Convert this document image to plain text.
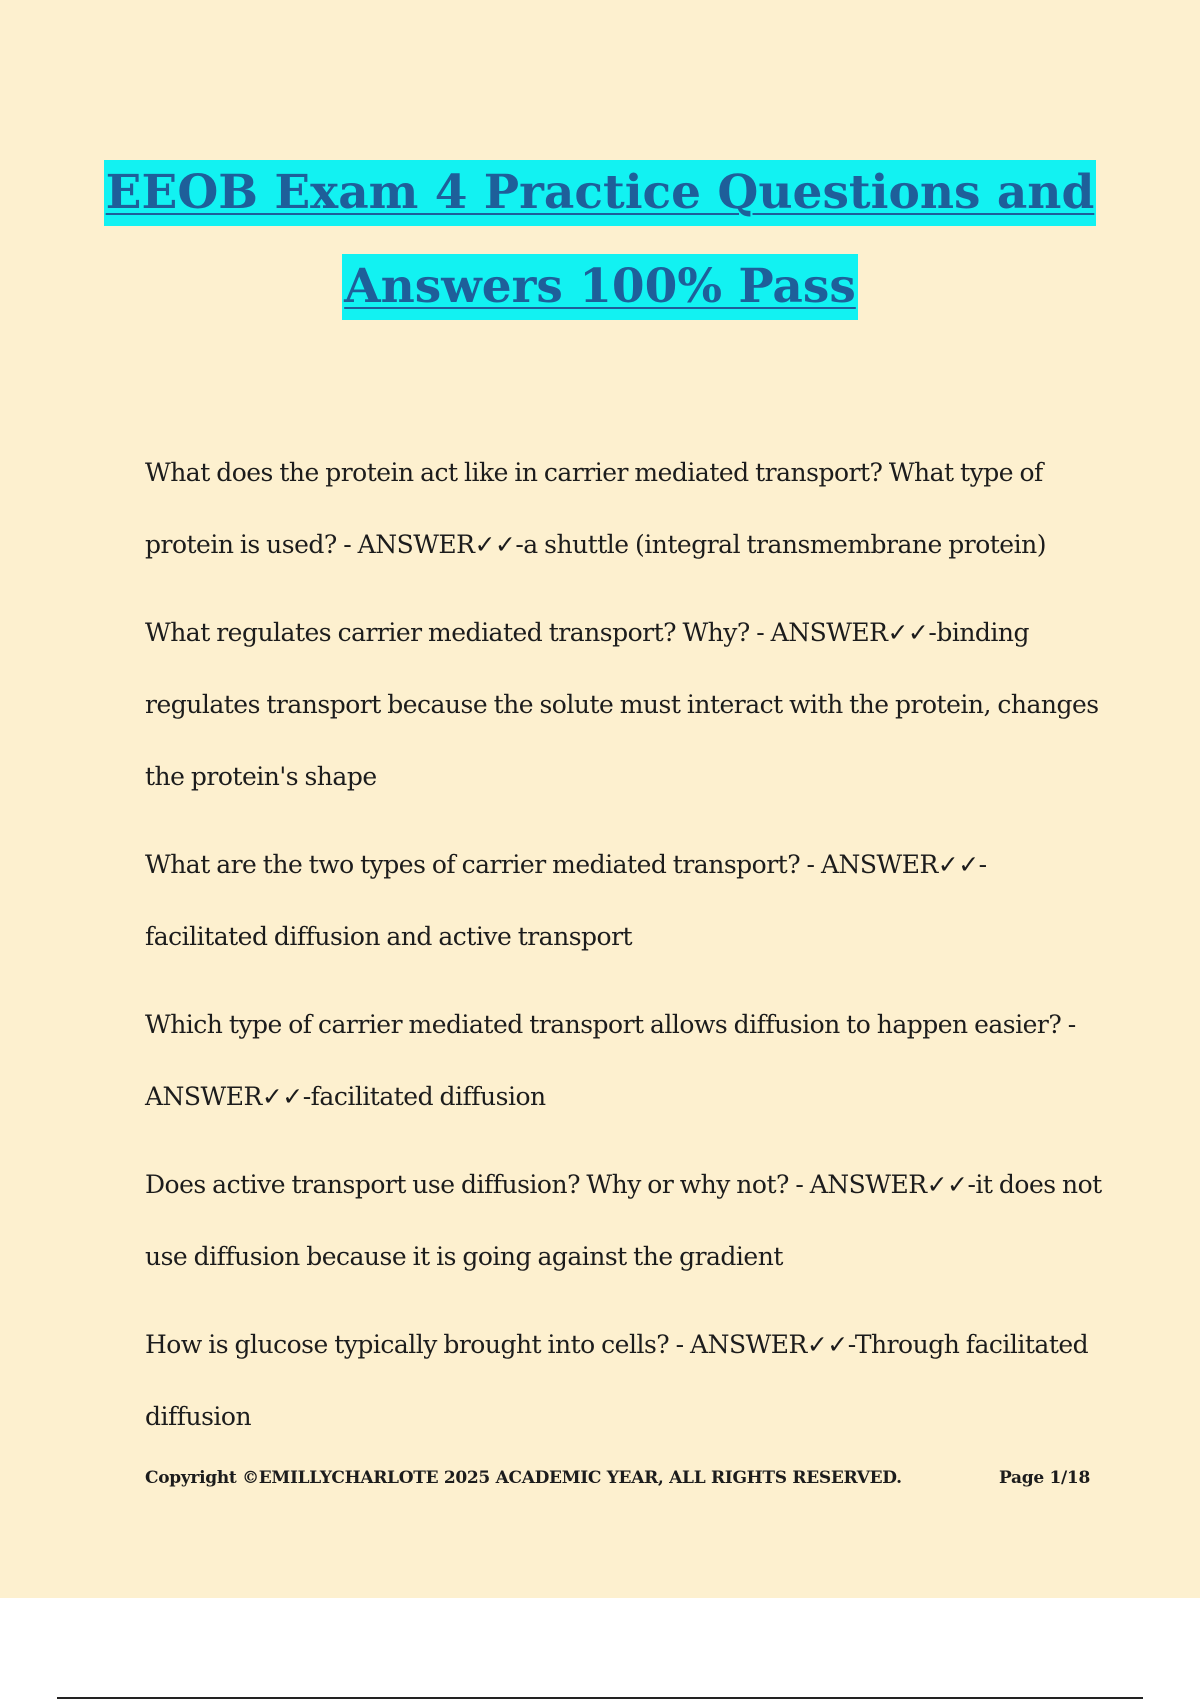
EEOB Exam 4 Practice Questions and
Answers 100% Pass

What does the protein act like in carrier mediated transport? What type of protein is used? - ANSWER✓✓-a shuttle (integral transmembrane protein)

What regulates carrier mediated transport? Why? - ANSWER✓✓-binding regulates transport because the solute must interact with the protein, changes the protein's shape

What are the two types of carrier mediated transport? - ANSWER✓✓- facilitated diffusion and active transport

Which type of carrier mediated transport allows diffusion to happen easier? - ANSWER✓✓-facilitated diffusion

Does active transport use diffusion? Why or why not? - ANSWER✓✓-it does not use diffusion because it is going against the gradient

How is glucose typically brought into cells? - ANSWER✓✓-Through facilitated diffusion

Copyright ©EMILLYCHARLOTE 2025 ACADEMIC YEAR, ALL RIGHTS RESERVED.	Page 1/18
